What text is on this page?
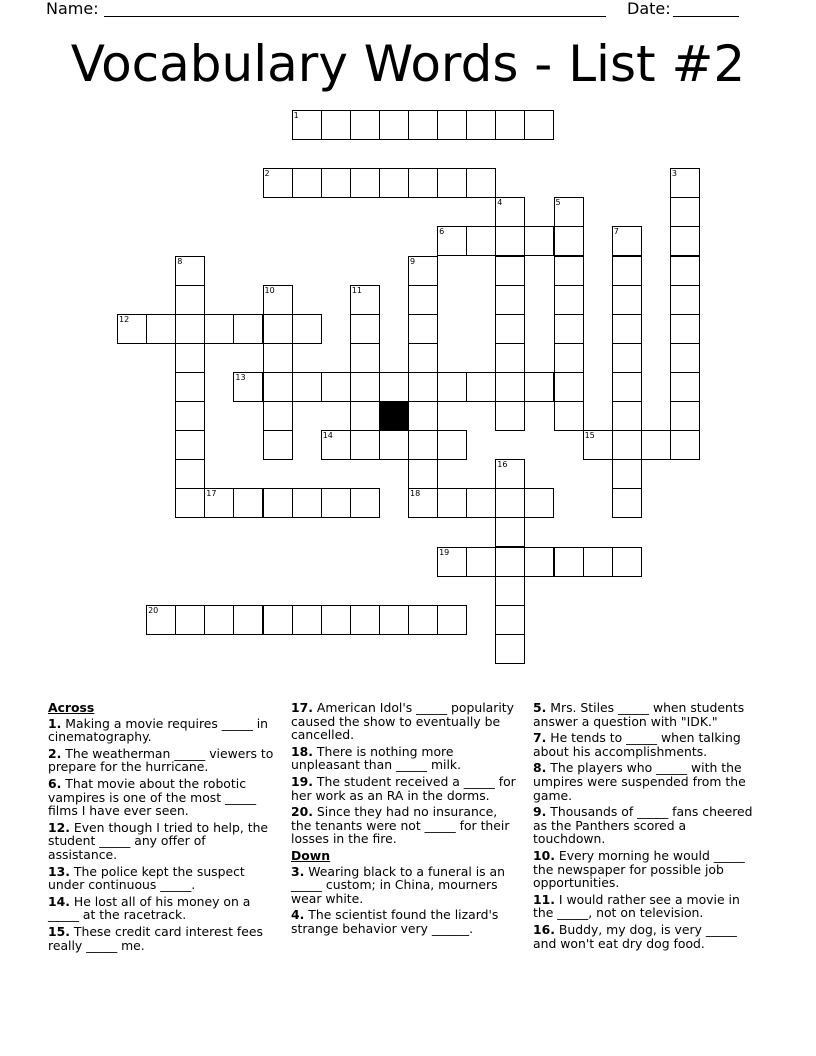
Name:	Date:
Vocabulary Words - List #2
1
2
6
12
13
14	15
17	18
19
20
3
4	5
7
8	9
10	11
16
Across
1. Making a movie requires _____ in cinematography.
2. The weatherman _____ viewers to prepare for the hurricane.
6. That movie about the robotic vampires is one of the most _____ films I have ever seen.
12. Even though I tried to help, the student _____ any offer of assistance.
13. The police kept the suspect under continuous _____.
14. He lost all of his money on a _____ at the racetrack.
15. These credit card interest fees really _____ me.
17. American Idol's _____ popularity caused the show to eventually be cancelled.
18. There is nothing more unpleasant than _____ milk.
19. The student received a _____ for her work as an RA in the dorms.
20. Since they had no insurance, the tenants were not _____ for their losses in the fire.
Down
3. Wearing black to a funeral is an _____ custom; in China, mourners wear white.
4. The scientist found the lizard's strange behavior very ______.
5. Mrs. Stiles _____ when students answer a question with "IDK."
7. He tends to _____ when talking about his accomplishments.
8. The players who _____ with the umpires were suspended from the game.
9. Thousands of _____ fans cheered as the Panthers scored a touchdown.
10. Every morning he would _____ the newspaper for possible job opportunities.
11. I would rather see a movie in the _____, not on television.
16. Buddy, my dog, is very _____ and won't eat dry dog food.
